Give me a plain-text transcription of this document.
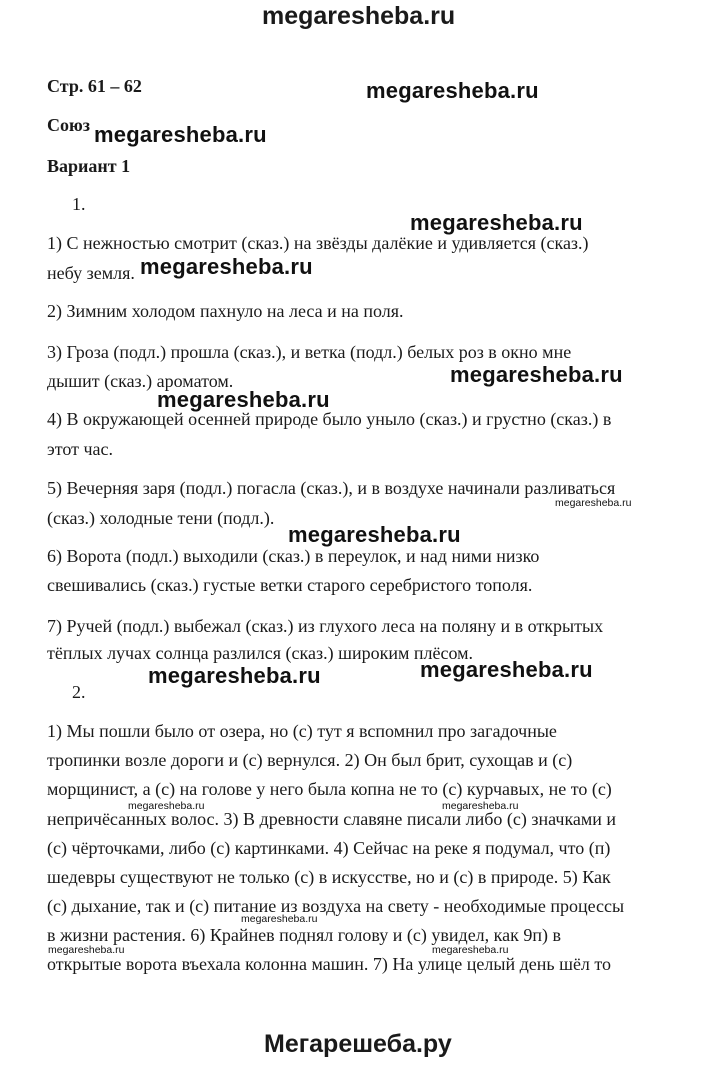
megaresheba.ru
Стр. 61 – 62
Союз
Вариант 1
1.
1) С нежностью смотрит (сказ.) на звёзды далёкие и удивляется (сказ.)
небу земля.
2) Зимним холодом пахнуло на леса и на поля.
3) Гроза (подл.) прошла (сказ.), и ветка (подл.) белых роз в окно мне
дышит (сказ.) ароматом.
4) В окружающей осенней природе было уныло (сказ.) и грустно (сказ.) в
этот час.
5) Вечерняя заря (подл.) погасла (сказ.), и в воздухе начинали разливаться
(сказ.) холодные тени (подл.).
6) Ворота (подл.) выходили (сказ.) в переулок, и над ними низко
свешивались (сказ.) густые ветки старого серебристого тополя.
7) Ручей (подл.) выбежал (сказ.) из глухого леса на поляну и в открытых
тёплых лучах солнца разлился (сказ.) широким плёсом.
2.
1) Мы пошли было от озера, но (с) тут я вспомнил про загадочные
тропинки возле дороги и (с) вернулся. 2) Он был брит, сухощав и (с)
морщинист, а (с) на голове у него была копна не то (с) курчавых, не то (с)
непричёсанных волос. 3) В древности славяне писали либо (с) значками и
(с) чёрточками, либо (с) картинками. 4) Сейчас на реке я подумал, что (п)
шедевры существуют не только (с) в искусстве, но и (с) в природе. 5) Как
(с) дыхание, так и (с) питание из воздуха на свету - необходимые процессы
в жизни растения. 6) Крайнев поднял голову и (с) увидел, как 9п) в
открытые ворота въехала колонна машин. 7) На улице целый день шёл то
megaresheba.ru
megaresheba.ru
megaresheba.ru
megaresheba.ru
megaresheba.ru
megaresheba.ru
megaresheba.ru
megaresheba.ru
megaresheba.ru
megaresheba.ru
megaresheba.ru	megaresheba.ru
megaresheba.ru
megaresheba.ru	megaresheba.ru
Мегарешеба.ру
